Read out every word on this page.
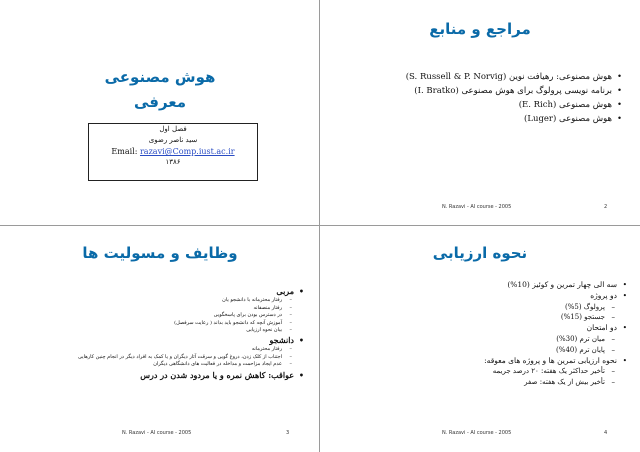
هوش مصنوعی
معرفی
فصل اول
سید ناصر رضوی
Email: razavi@Comp.iust.ac.ir
۱۳۸۶
مراجع و منابع
• هوش مصنوعی: رهیافت نوین (S. Russell & P. Norvig)
• برنامه نویسی پرولوگ برای هوش مصنوعی (I. Bratko)
• هوش مصنوعی (E. Rich)
• هوش مصنوعی (Luger)
N. Razavi - AI course - 2005	2
وظایف و مسولیت ها
• مربی
– رفتار محترمانه با دانشجو یان
– رفتار منصفانه
– در دسترس بودن برای پاسخگویی
– آموزش آنچه که دانشجو باید بداند ( رعایت سرفصل)
– بیان نحوه ارزیابی
• دانشجو
– رفتار محترمانه
– اجتناب از کلک زدن، دروغ گویی و سرقت آثار دیگران و یا کمک به افراد دیگر در انجام چنین کارهایی
– عدم ایجاد مزاحمت و مداخله در فعالیت های دانشگاهی دیگران
• عواقب: کاهش نمره و یا مردود شدن در درس
N. Razavi - AI course - 2005	3
نحوه ارزیابی
• سه الی چهار تمرین و کوئیز (10%)
• دو پروژه
– پرولوگ (5%)
– جستجو (15%)
• دو امتحان
– میان ترم (30%)
– پایان ترم (40%)
• نحوه ارزیابی تمرین ها و پروژه های معوقه:
– تأخیر حداکثر یک هفته: ۲۰ درصد جریمه
– تأخیر بیش از یک هفته: صفر
N. Razavi - AI course - 2005	4
